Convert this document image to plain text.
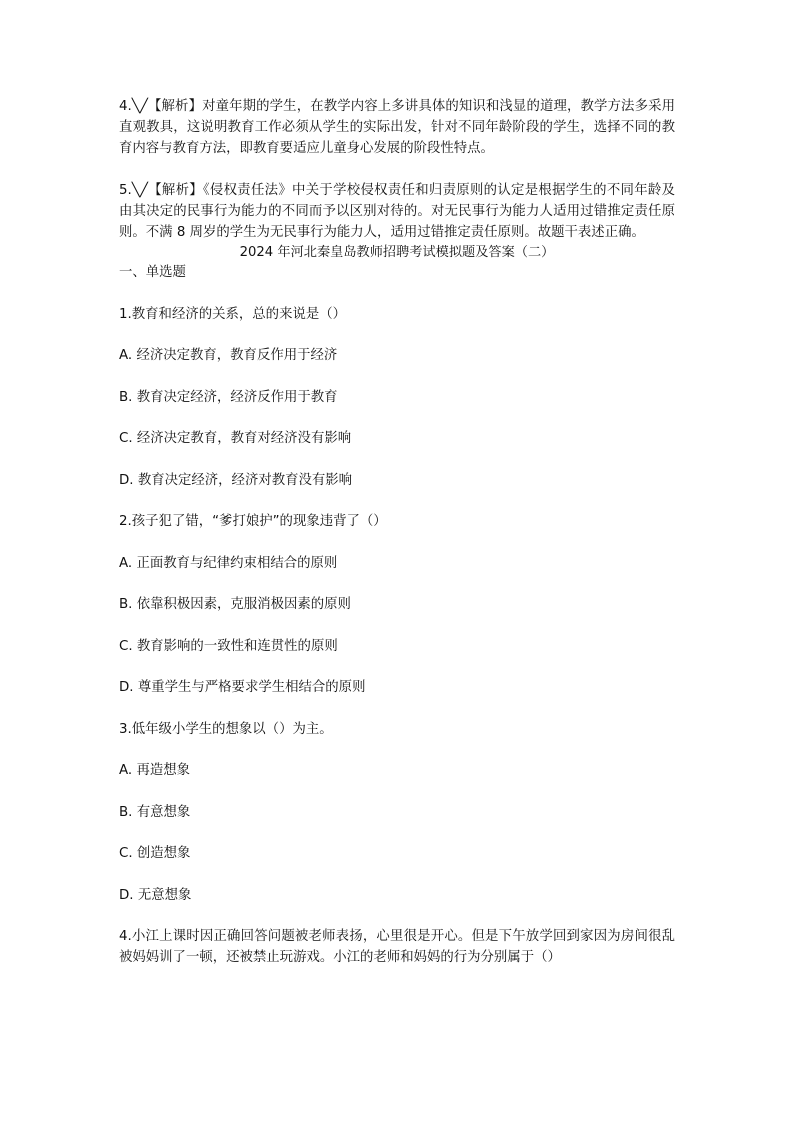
4.╲╱【解析】对童年期的学生，在教学内容上多讲具体的知识和浅显的道理，教学方法多采用直观教具，这说明教育工作必须从学生的实际出发，针对不同年龄阶段的学生，选择不同的教育内容与教育方法，即教育要适应儿童身心发展的阶段性特点。

5.╲╱【解析】《侵权责任法》中关于学校侵权责任和归责原则的认定是根据学生的不同年龄及由其决定的民事行为能力的不同而予以区别对待的。对无民事行为能力人适用过错推定责任原则。不满 8 周岁的学生为无民事行为能力人，适用过错推定责任原则。故题干表述正确。

2024 年河北秦皇岛教师招聘考试模拟题及答案（二）

一、单选题

1.教育和经济的关系，总的来说是（）

A. 经济决定教育，教育反作用于经济

B. 教育决定经济，经济反作用于教育

C. 经济决定教育，教育对经济没有影响

D. 教育决定经济，经济对教育没有影响

2.孩子犯了错，“爹打娘护”的现象违背了（）

A. 正面教育与纪律约束相结合的原则

B. 依靠积极因素，克服消极因素的原则

C. 教育影响的一致性和连贯性的原则

D. 尊重学生与严格要求学生相结合的原则

3.低年级小学生的想象以（）为主。

A. 再造想象

B. 有意想象

C. 创造想象

D. 无意想象

4.小江上课时因正确回答问题被老师表扬，心里很是开心。但是下午放学回到家因为房间很乱被妈妈训了一顿，还被禁止玩游戏。小江的老师和妈妈的行为分别属于（）
